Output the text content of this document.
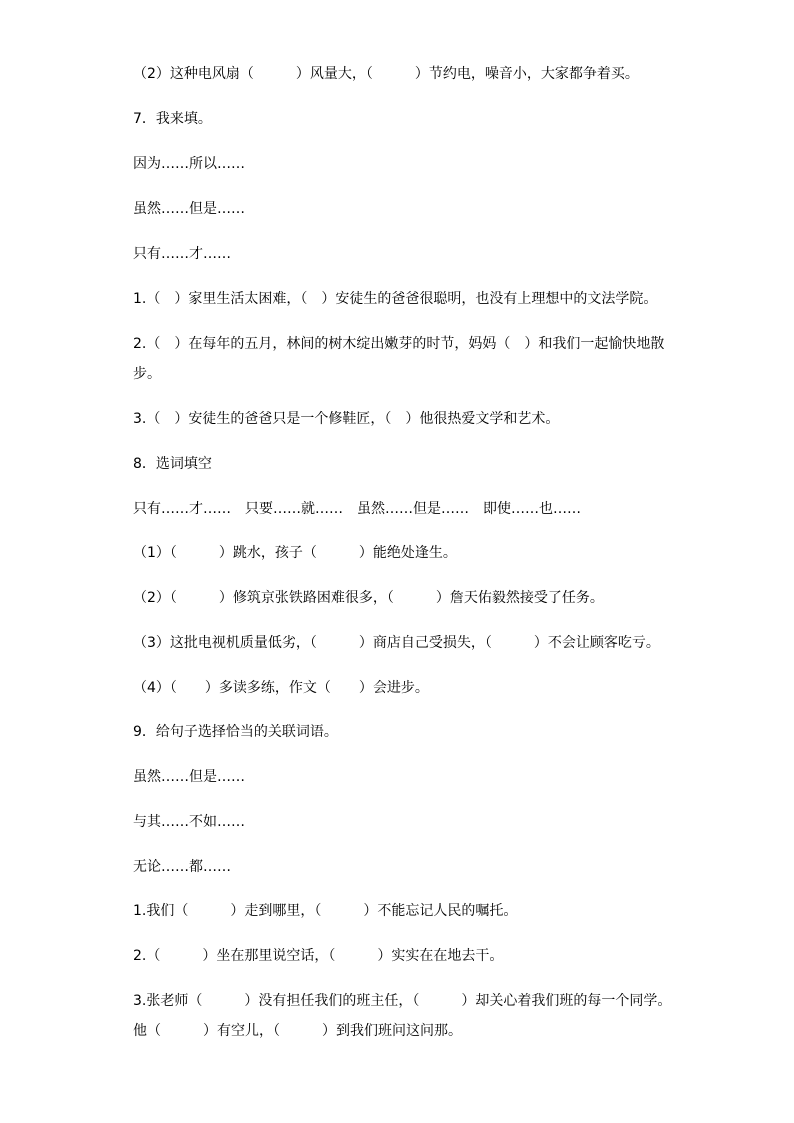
（2）这种电风扇（　　　）风量大，（　　　）节约电，噪音小，大家都争着买。

7．我来填。

因为……所以……

虽然……但是……

只有……才……

1.（　）家里生活太困难，（　）安徒生的爸爸很聪明，也没有上理想中的文法学院。

2.（　）在每年的五月，林间的树木绽出嫩芽的时节，妈妈（　）和我们一起愉快地散

步。

3.（　）安徒生的爸爸只是一个修鞋匠，（　）他很热爱文学和艺术。

8．选词填空

只有……才……　只要……就……　虽然……但是……　即使……也……

（1）（　　　）跳水，孩子（　　　）能绝处逢生。

（2）（　　　）修筑京张铁路困难很多，（　　　）詹天佑毅然接受了任务。

（3）这批电视机质量低劣，（　　　）商店自己受损失，（　　　）不会让顾客吃亏。

（4）（　　）多读多练，作文（　　）会进步。

9．给句子选择恰当的关联词语。

虽然……但是……

与其……不如……

无论……都……

1.我们（　　　）走到哪里，（　　　）不能忘记人民的嘱托。

2.（　　　）坐在那里说空话，（　　　）实实在在地去干。

3.张老师（　　　）没有担任我们的班主任，（　　　）却关心着我们班的每一个同学。

他（　　　）有空儿，（　　　）到我们班问这问那。
